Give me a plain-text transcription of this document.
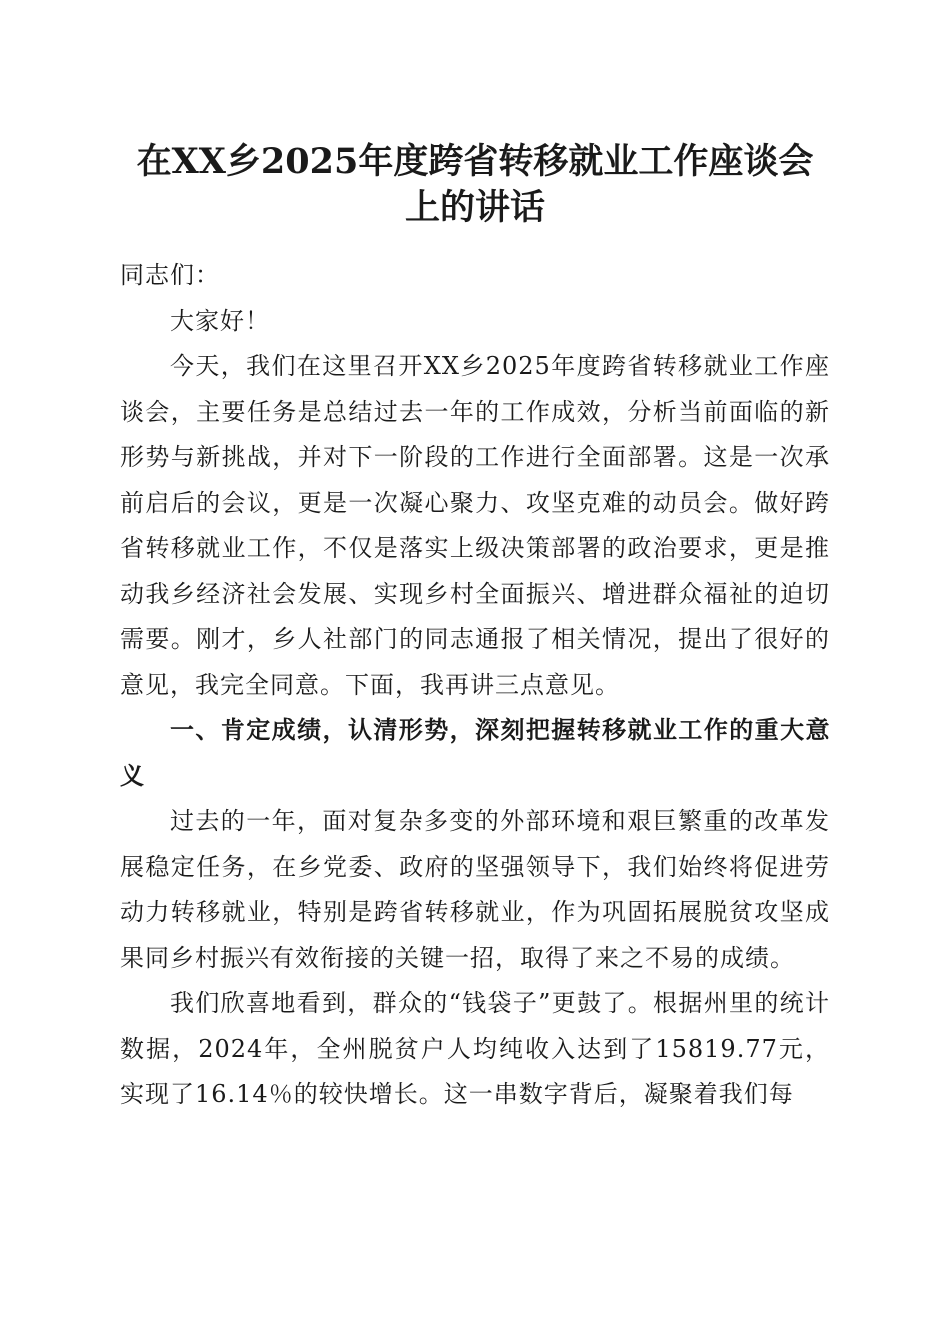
在XX乡2025年度跨省转移就业工作座谈会
上的讲话

同志们：

大家好！

今天，我们在这里召开XX乡2025年度跨省转移就业工作座谈会，主要任务是总结过去一年的工作成效，分析当前面临的新形势与新挑战，并对下一阶段的工作进行全面部署。这是一次承前启后的会议，更是一次凝心聚力、攻坚克难的动员会。做好跨省转移就业工作，不仅是落实上级决策部署的政治要求，更是推动我乡经济社会发展、实现乡村全面振兴、增进群众福祉的迫切需要。刚才，乡人社部门的同志通报了相关情况，提出了很好的意见，我完全同意。下面，我再讲三点意见。

一、肯定成绩，认清形势，深刻把握转移就业工作的重大意义

过去的一年，面对复杂多变的外部环境和艰巨繁重的改革发展稳定任务，在乡党委、政府的坚强领导下，我们始终将促进劳动力转移就业，特别是跨省转移就业，作为巩固拓展脱贫攻坚成果同乡村振兴有效衔接的关键一招，取得了来之不易的成绩。

我们欣喜地看到，群众的“钱袋子”更鼓了。根据州里的统计数据，2024年，全州脱贫户人均纯收入达到了15819.77元，实现了16.14％的较快增长。这一串数字背后，凝聚着我们每
